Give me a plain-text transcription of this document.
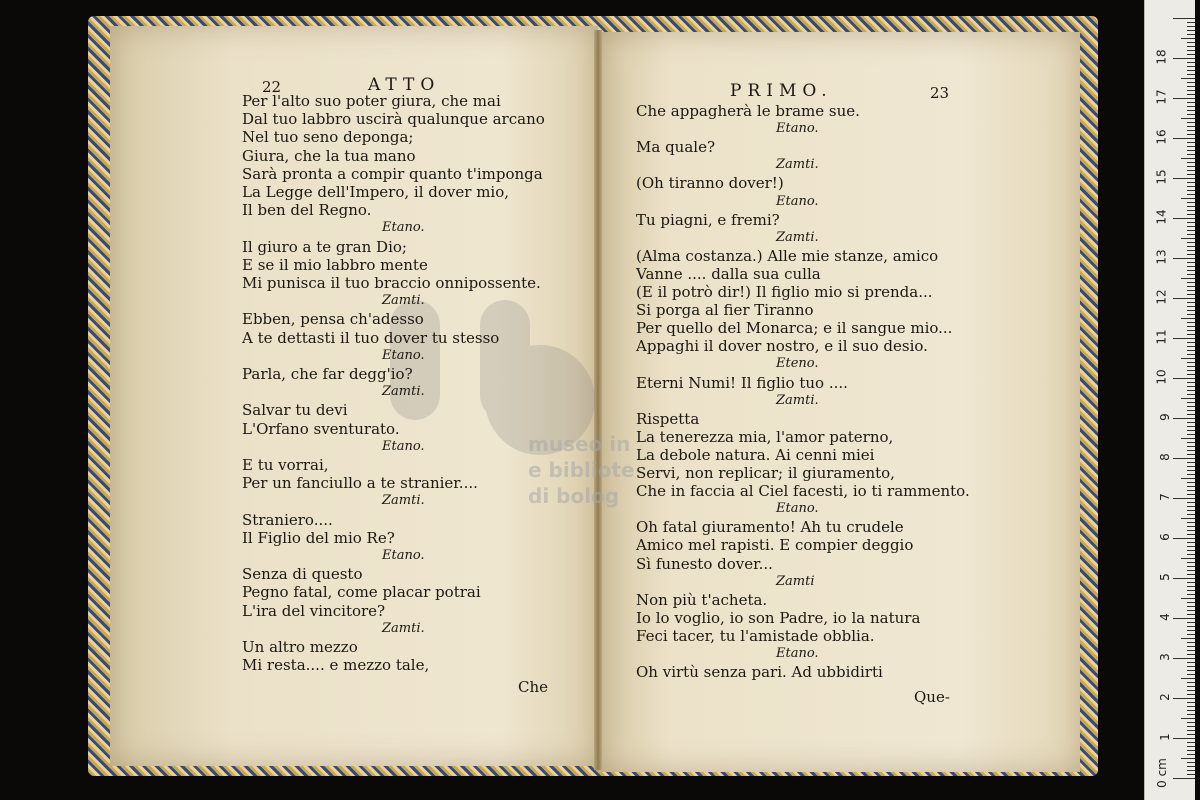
museo in
e bibliote
di bolog
0 cm
1
2
3
4
5
6
7
8
9
10
11
12
13
14
15
16
17
18
22	ATTO
Per l'alto suo poter giura, che mai
Dal tuo labbro uscirà qualunque arcano
Nel tuo seno deponga;
Giura, che la tua mano
Sarà pronta a compir quanto t'imponga
La Legge dell'Impero, il dover mio,
Il ben del Regno.
Etano.
Il giuro a te gran Dio;
E se il mio labbro mente
Mi punisca il tuo braccio onnipossente.
Zamti.
Ebben, pensa ch'adesso
A te dettasti il tuo dover tu stesso
Etano.
Parla, che far degg'io?
Zamti.
Salvar tu devi
L'Orfano sventurato.
Etano.
E tu vorrai,
Per un fanciullo a te stranier....
Zamti.
Straniero....
Il Figlio del mio Re?
Etano.
Senza di questo
Pegno fatal, come placar potrai
L'ira del vincitore?
Zamti.
Un altro mezzo
Mi resta.... e mezzo tale,
Che
23
PRIMO.
Che appagherà le brame sue.
Etano.
Ma quale?
Zamti.
(Oh tiranno dover!)
Etano.
Tu piagni, e fremi?
Zamti.
(Alma costanza.) Alle mie stanze, amico
Vanne .... dalla sua culla
(E il potrò dir!) Il figlio mio si prenda...
Si porga al fier Tiranno
Per quello del Monarca; e il sangue mio...
Appaghi il dover nostro, e il suo desio.
Eteno.
Eterni Numi! Il figlio tuo ....
Zamti.
Rispetta
La tenerezza mia, l'amor paterno,
La debole natura. Ai cenni miei
Servi, non replicar; il giuramento,
Che in faccia al Ciel facesti, io ti rammento.
Etano.
Oh fatal giuramento! Ah tu crudele
Amico mel rapisti. E compier deggio
Sì funesto dover...
Zamti
Non più t'acheta.
Io lo voglio, io son Padre, io la natura
Feci tacer, tu l'amistade obblia.
Etano.
Oh virtù senza pari. Ad ubbidirti
Que-
